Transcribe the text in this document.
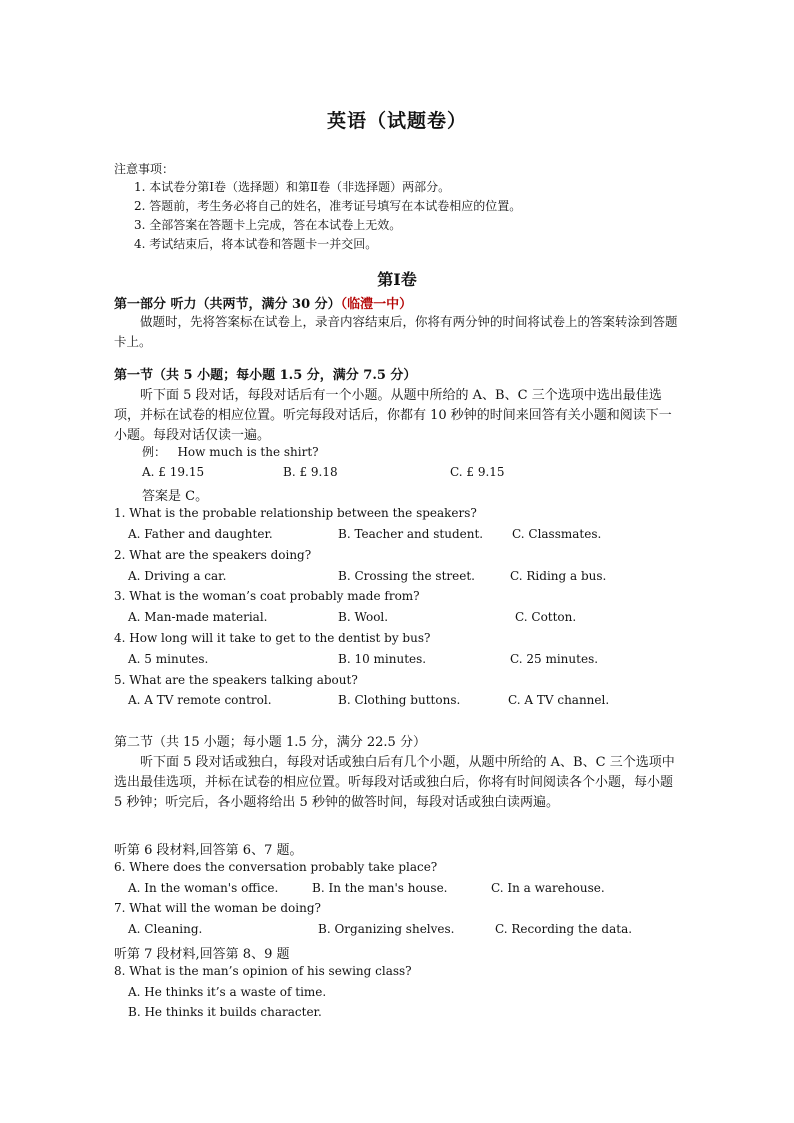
英语（试题卷）
注意事项：
1. 本试卷分第Ⅰ卷（选择题）和第Ⅱ卷（非选择题）两部分。
2. 答题前，考生务必将自己的姓名，准考证号填写在本试卷相应的位置。
3. 全部答案在答题卡上完成，答在本试卷上无效。
4. 考试结束后，将本试卷和答题卡一并交回。
第Ⅰ卷
第一部分 听力（共两节，满分 30 分）（临澧一中）
做题时，先将答案标在试卷上，录音内容结束后，你将有两分钟的时间将试卷上的答案转涂到答题卡上。
第一节（共 5 小题；每小题 1.5 分，满分 7.5 分）
听下面 5 段对话，每段对话后有一个小题。从题中所给的 A、B、C 三个选项中选出最佳选项，并标在试卷的相应位置。听完每段对话后，你都有 10 秒钟的时间来回答有关小题和阅读下一小题。每段对话仅读一遍。
例： How much is the shirt?
A. £ 19.15	B. £ 9.18	C. £ 9.15
答案是 C。
1. What is the probable relationship between the speakers?
A. Father and daughter.	B. Teacher and student. C. Classmates.
2. What are the speakers doing?
A. Driving a car.	B. Crossing the street.	C. Riding a bus.
3. What is the woman’s coat probably made from?
A. Man-made material.	B. Wool.	C. Cotton.
4. How long will it take to get to the dentist by bus?
A. 5 minutes.	B. 10 minutes.	C. 25 minutes.
5. What are the speakers talking about?
A. A TV remote control.	B. Clothing buttons.	C. A TV channel.
第二节（共 15 小题；每小题 1.5 分，满分 22.5 分）
听下面 5 段对话或独白，每段对话或独白后有几个小题，从题中所给的 A、B、C 三个选项中选出最佳选项，并标在试卷的相应位置。听每段对话或独白后，你将有时间阅读各个小题，每小题 5 秒钟；听完后，各小题将给出 5 秒钟的做答时间，每段对话或独白读两遍。
听第 6 段材料,回答第 6、7 题。
6. Where does the conversation probably take place?
A. In the woman's office.	B. In the man's house.	C. In a warehouse.
7. What will the woman be doing?
A. Cleaning.	B. Organizing shelves.	C. Recording the data.
听第 7 段材料,回答第 8、9 题
8. What is the man’s opinion of his sewing class?
A. He thinks it’s a waste of time.
B. He thinks it builds character.
